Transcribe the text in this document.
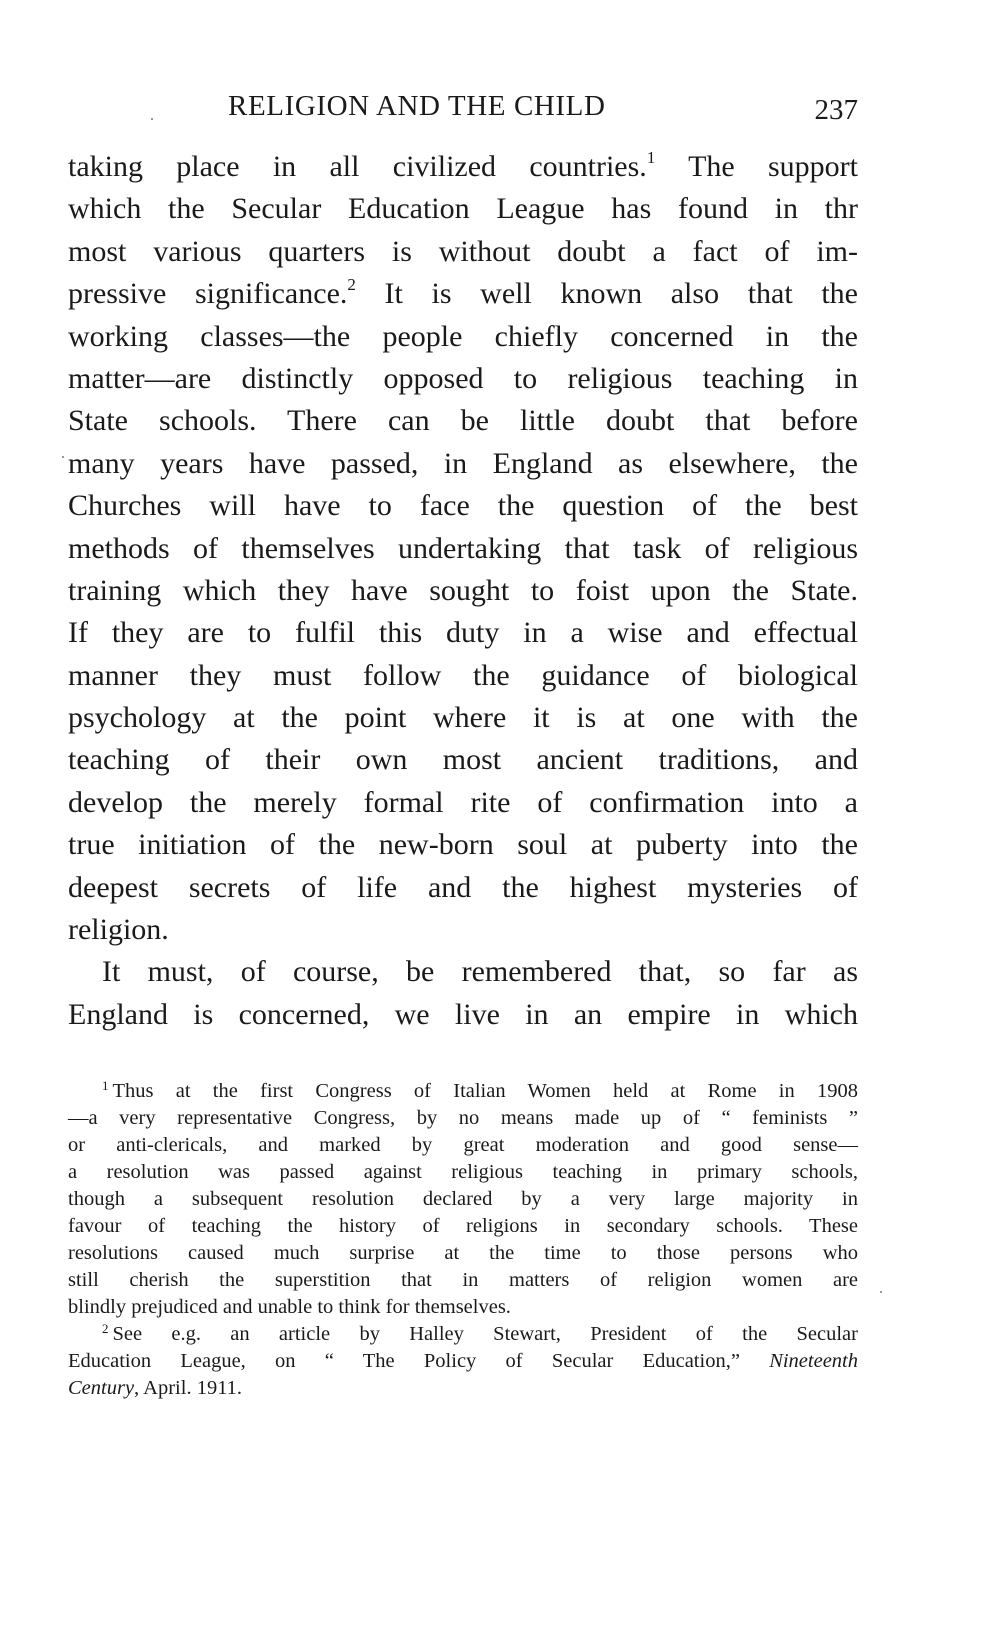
RELIGION AND THE CHILD	237
taking place in all civilized countries.$^1$ The support
which the Secular Education League has found in thr
most various quarters is without doubt a fact of im-
pressive significance.$^2$ It is well known also that the
working classes—the people chiefly concerned in the
matter—are distinctly opposed to religious teaching in
State schools. There can be little doubt that before
many years have passed, in England as elsewhere, the
Churches will have to face the question of the best
methods of themselves undertaking that task of religious
training which they have sought to foist upon the State.
If they are to fulfil this duty in a wise and effectual
manner they must follow the guidance of biological
psychology at the point where it is at one with the
teaching of their own most ancient traditions, and
develop the merely formal rite of confirmation into a
true initiation of the new-born soul at puberty into the
deepest secrets of life and the highest mysteries of
religion.
It must, of course, be remembered that, so far as
England is concerned, we live in an empire in which
$^1$ Thus at the first Congress of Italian Women held at Rome in 1908
—a very representative Congress, by no means made up of “ feminists ”
or anti-clericals, and marked by great moderation and good sense—
a resolution was passed against religious teaching in primary schools,
though a subsequent resolution declared by a very large majority in
favour of teaching the history of religions in secondary schools. These
resolutions caused much surprise at the time to those persons who
still cherish the superstition that in matters of religion women are
blindly prejudiced and unable to think for themselves.
$^2$ See e.g. an article by Halley Stewart, President of the Secular
Education League, on “ The Policy of Secular Education,” Nineteenth
Century, April. 1911.
